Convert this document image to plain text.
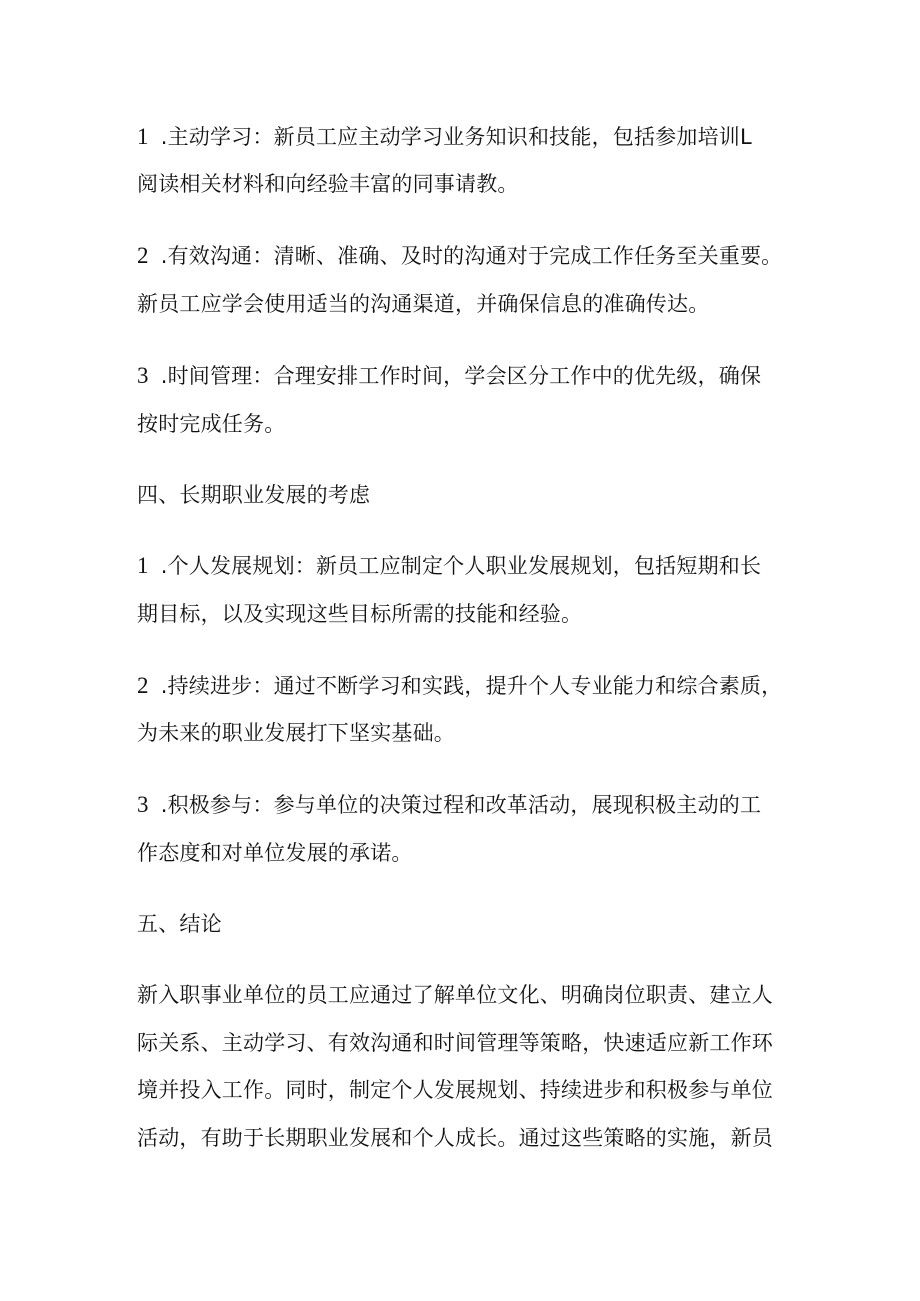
1 .主动学习：新员工应主动学习业务知识和技能，包括参加培训L
阅读相关材料和向经验丰富的同事请教。
2 .有效沟通：清晰、准确、及时的沟通对于完成工作任务至关重要。
新员工应学会使用适当的沟通渠道，并确保信息的准确传达。
3 .时间管理：合理安排工作时间，学会区分工作中的优先级，确保
按时完成任务。
四、长期职业发展的考虑
1 .个人发展规划：新员工应制定个人职业发展规划，包括短期和长
期目标，以及实现这些目标所需的技能和经验。
2 .持续进步：通过不断学习和实践，提升个人专业能力和综合素质，
为未来的职业发展打下坚实基础。
3 .积极参与：参与单位的决策过程和改革活动，展现积极主动的工
作态度和对单位发展的承诺。
五、结论
新入职事业单位的员工应通过了解单位文化、明确岗位职责、建立人
际关系、主动学习、有效沟通和时间管理等策略，快速适应新工作环
境并投入工作。同时，制定个人发展规划、持续进步和积极参与单位
活动，有助于长期职业发展和个人成长。通过这些策略的实施，新员
